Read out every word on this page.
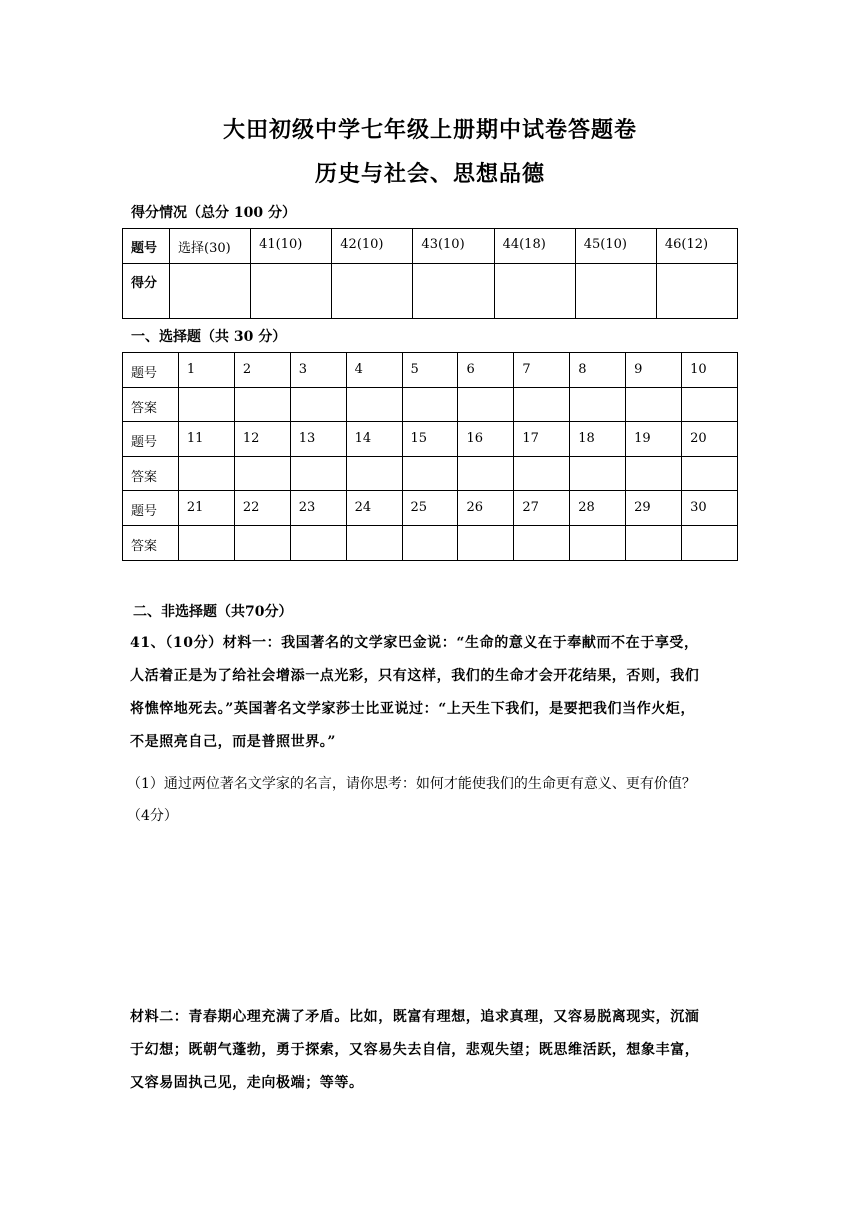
大田初级中学七年级上册期中试卷答题卷
历史与社会、思想品德
得分情况（总分 100 分）
题号	选择(30)	41(10)	42(10)	43(10)	44(18)	45(10)	46(12)
得分							
一、选择题（共 30 分）
题号	1	2	3	4	5	6	7	8	9	10
答案										
题号	11	12	13	14	15	16	17	18	19	20
答案										
题号	21	22	23	24	25	26	27	28	29	30
答案										
二、非选择题（共70分）
41、（10分）材料一：我国著名的文学家巴金说：“生命的意义在于奉献而不在于享受，
人活着正是为了给社会增添一点光彩，只有这样，我们的生命才会开花结果，否则，我们
将憔悴地死去。”英国著名文学家莎士比亚说过：“上天生下我们，是要把我们当作火炬，
不是照亮自己，而是普照世界。”
（1）通过两位著名文学家的名言，请你思考：如何才能使我们的生命更有意义、更有价值？
（4分）
材料二：青春期心理充满了矛盾。比如，既富有理想，追求真理，又容易脱离现实，沉湎
于幻想；既朝气蓬勃，勇于探索，又容易失去自信，悲观失望；既思维活跃，想象丰富，
又容易固执己见，走向极端；等等。
